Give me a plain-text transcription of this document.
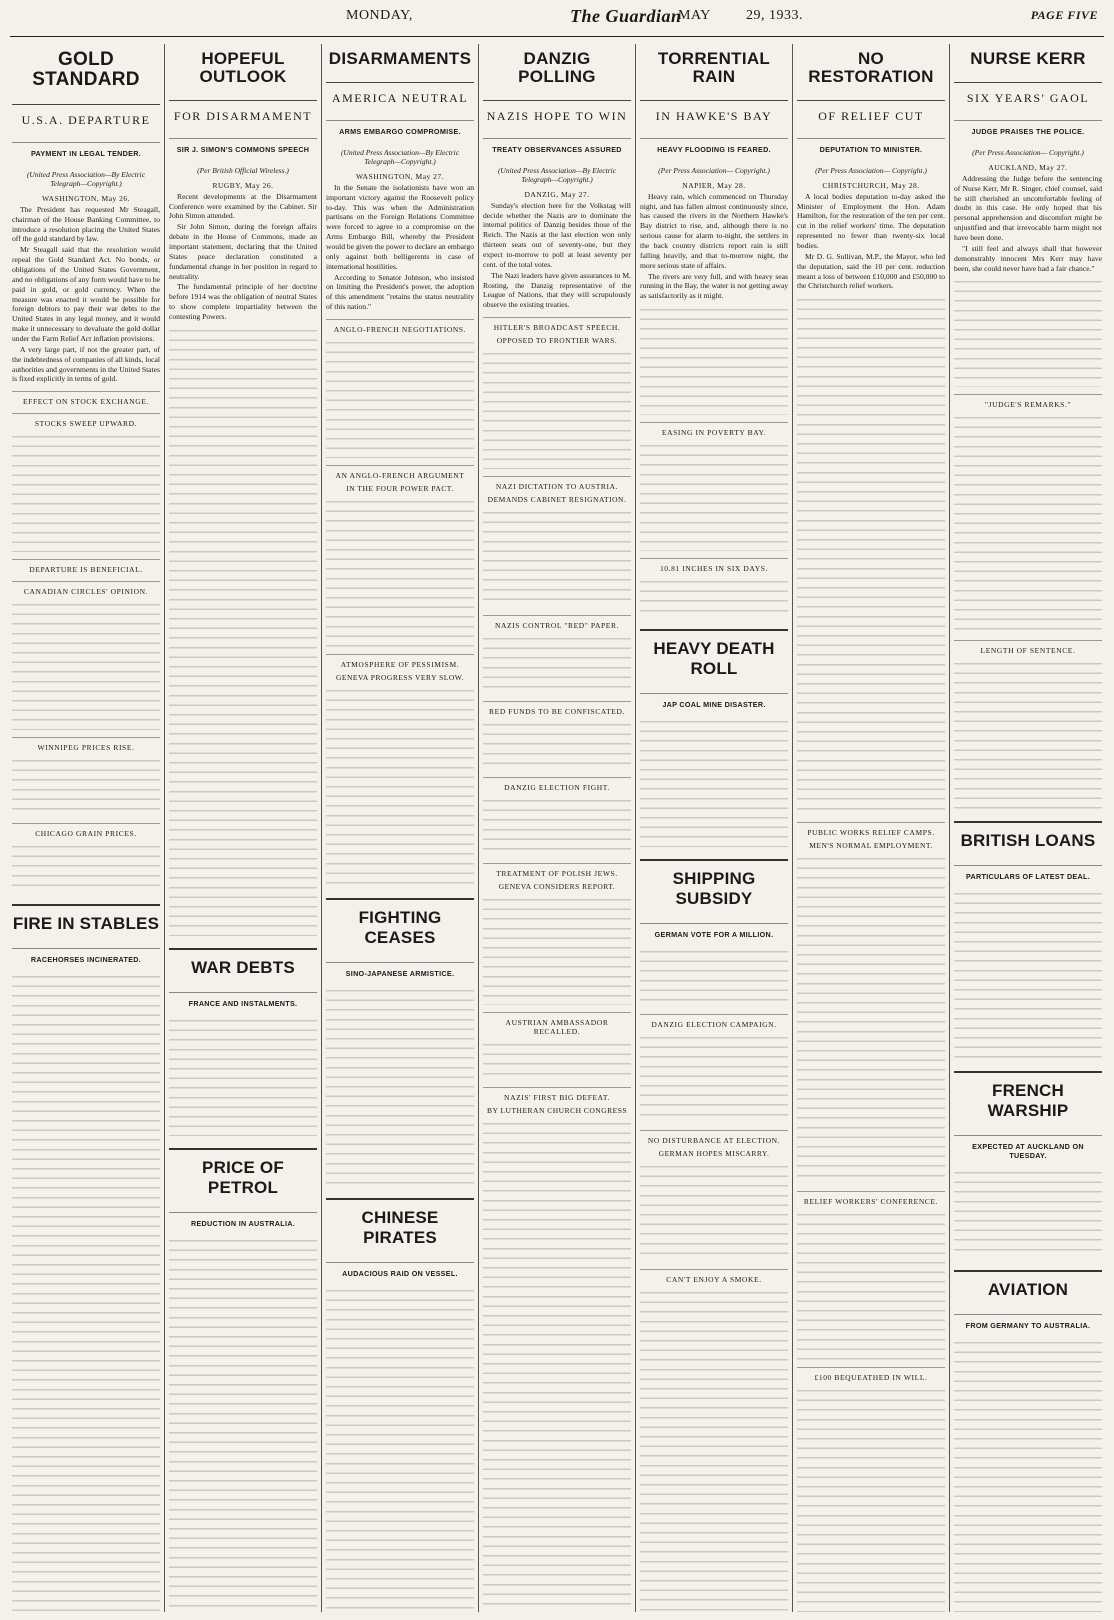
MONDAY,	The Guardian
MAY	29, 1933.	PAGE FIVE
GOLD STANDARD
U.S.A. DEPARTURE
PAYMENT IN LEGAL TENDER.
(United Press Association—By Electric Telegraph—Copyright.)
WASHINGTON, May 26.

The President has requested Mr Steagall, chairman of the House Banking Committee, to introduce a resolution placing the United States off the gold standard by law.

Mr Steagall said that the resolution would repeal the Gold Standard Act. No bonds, or obligations of the United States Government, and no obligations of any form would have to be paid in gold, or gold currency. When the measure was enacted it would be possible for foreign debtors to pay their war debts to the United States in any legal money, and it would make it unnecessary to devaluate the gold dollar under the Farm Relief Act inflation provisions.

A very large part, if not the greater part, of the indebtedness of companies of all kinds, local authorities and governments in the United States is fixed explicitly in terms of gold.

EFFECT ON STOCK EXCHANGE.
STOCKS SWEEP UPWARD.
DEPARTURE IS BENEFICIAL.
CANADIAN CIRCLES' OPINION.
WINNIPEG PRICES RISE.
CHICAGO GRAIN PRICES.
FIRE IN STABLES
RACEHORSES INCINERATED.
HOPEFUL OUTLOOK
FOR DISARMAMENT
SIR J. SIMON'S COMMONS SPEECH
(Per British Official Wireless.)
RUGBY, May 26.

Recent developments at the Disarmament Conference were examined by the Cabinet. Sir John Simon attended.

Sir John Simon, during the foreign affairs debate in the House of Commons, made an important statement, declaring that the United States peace declaration constituted a fundamental change in her position in regard to neutrality.

The fundamental principle of her doctrine before 1914 was the obligation of neutral States to show complete impartiality between the contesting Powers.

WAR DEBTS
FRANCE AND INSTALMENTS.
PRICE OF PETROL
REDUCTION IN AUSTRALIA.
DISARMAMENTS
AMERICA NEUTRAL
ARMS EMBARGO COMPROMISE.
(United Press Association—By Electric Telegraph—Copyright.)
WASHINGTON, May 27.

In the Senate the isolationists have won an important victory against the Roosevelt policy to-day. This was when the Administration partisans on the Foreign Relations Committee were forced to agree to a compromise on the Arms Embargo Bill, whereby the President would be given the power to declare an embargo only against both belligerents in case of international hostilities.

According to Senator Johnson, who insisted on limiting the President's power, the adoption of this amendment "retains the status neutrality of this nation."

ANGLO-FRENCH NEGOTIATIONS.
AN ANGLO-FRENCH ARGUMENT
IN THE FOUR POWER PACT.
ATMOSPHERE OF PESSIMISM.
GENEVA PROGRESS VERY SLOW.
FIGHTING CEASES
SINO-JAPANESE ARMISTICE.
CHINESE PIRATES
AUDACIOUS RAID ON VESSEL.
DANZIG POLLING
NAZIS HOPE TO WIN
TREATY OBSERVANCES ASSURED
(United Press Association—By Electric Telegraph—Copyright.)
DANZIG, May 27.

Sunday's election here for the Volkstag will decide whether the Nazis are to dominate the internal politics of Danzig besides those of the Reich. The Nazis at the last election won only thirteen seats out of seventy-one, but they expect to-morrow to poll at least seventy per cent. of the total votes.

The Nazi leaders have given assurances to M. Rosting, the Danzig representative of the League of Nations, that they will scrupulously observe the existing treaties.

HITLER'S BROADCAST SPEECH.
OPPOSED TO FRONTIER WARS.
NAZI DICTATION TO AUSTRIA.
DEMANDS CABINET RESIGNATION.
NAZIS CONTROL "RED" PAPER.
RED FUNDS TO BE CONFISCATED.
DANZIG ELECTION FIGHT.
TREATMENT OF POLISH JEWS.
GENEVA CONSIDERS REPORT.
AUSTRIAN AMBASSADOR RECALLED.
NAZIS' FIRST BIG DEFEAT.
BY LUTHERAN CHURCH CONGRESS
TORRENTIAL RAIN
IN HAWKE'S BAY
HEAVY FLOODING IS FEARED.
(Per Press Association— Copyright.)
NAPIER, May 28.

Heavy rain, which commenced on Thursday night, and has fallen almost continuously since, has caused the rivers in the Northern Hawke's Bay district to rise, and, although there is no serious cause for alarm to-night, the settlers in the back country districts report rain is still falling heavily, and that to-morrow night, the more serious state of affairs.

The rivers are very full, and with heavy seas running in the Bay, the water is not getting away as satisfactorily as it might.

EASING IN POVERTY BAY.
10.81 INCHES IN SIX DAYS.
HEAVY DEATH ROLL
JAP COAL MINE DISASTER.
SHIPPING SUBSIDY
GERMAN VOTE FOR A MILLION.
DANZIG ELECTION CAMPAIGN.
NO DISTURBANCE AT ELECTION.
GERMAN HOPES MISCARRY.
CAN'T ENJOY A SMOKE.
NO RESTORATION
OF RELIEF CUT
DEPUTATION TO MINISTER.
(Per Press Association— Copyright.)
CHRISTCHURCH, May 28.

A local bodies deputation to-day asked the Minister of Employment the Hon. Adam Hamilton, for the restoration of the ten per cent. cut in the relief workers' time. The deputation represented no fewer than twenty-six local bodies.

Mr D. G. Sullivan, M.P., the Mayor, who led the deputation, said the 10 per cent. reduction meant a loss of between £10,000 and £50,000 to the Christchurch relief workers.

PUBLIC WORKS RELIEF CAMPS.
MEN'S NORMAL EMPLOYMENT.
RELIEF WORKERS' CONFERENCE.
£100 BEQUEATHED IN WILL.
NURSE KERR
SIX YEARS' GAOL
JUDGE PRAISES THE POLICE.
(Per Press Association— Copyright.)
AUCKLAND, May 27.

Addressing the Judge before the sentencing of Nurse Kerr, Mr R. Singer, chief counsel, said he still cherished an uncomfortable feeling of doubt in this case. He only hoped that his personal apprehension and discomfort might be unjustified and that irrevocable harm might not have been done.

"I still feel and always shall that however demonstrably innocent Mrs Kerr may have been, she could never have had a fair chance."

"JUDGE'S REMARKS."
LENGTH OF SENTENCE.
BRITISH LOANS
PARTICULARS OF LATEST DEAL.
FRENCH WARSHIP
EXPECTED AT AUCKLAND ON TUESDAY.
AVIATION
FROM GERMANY TO AUSTRALIA.
